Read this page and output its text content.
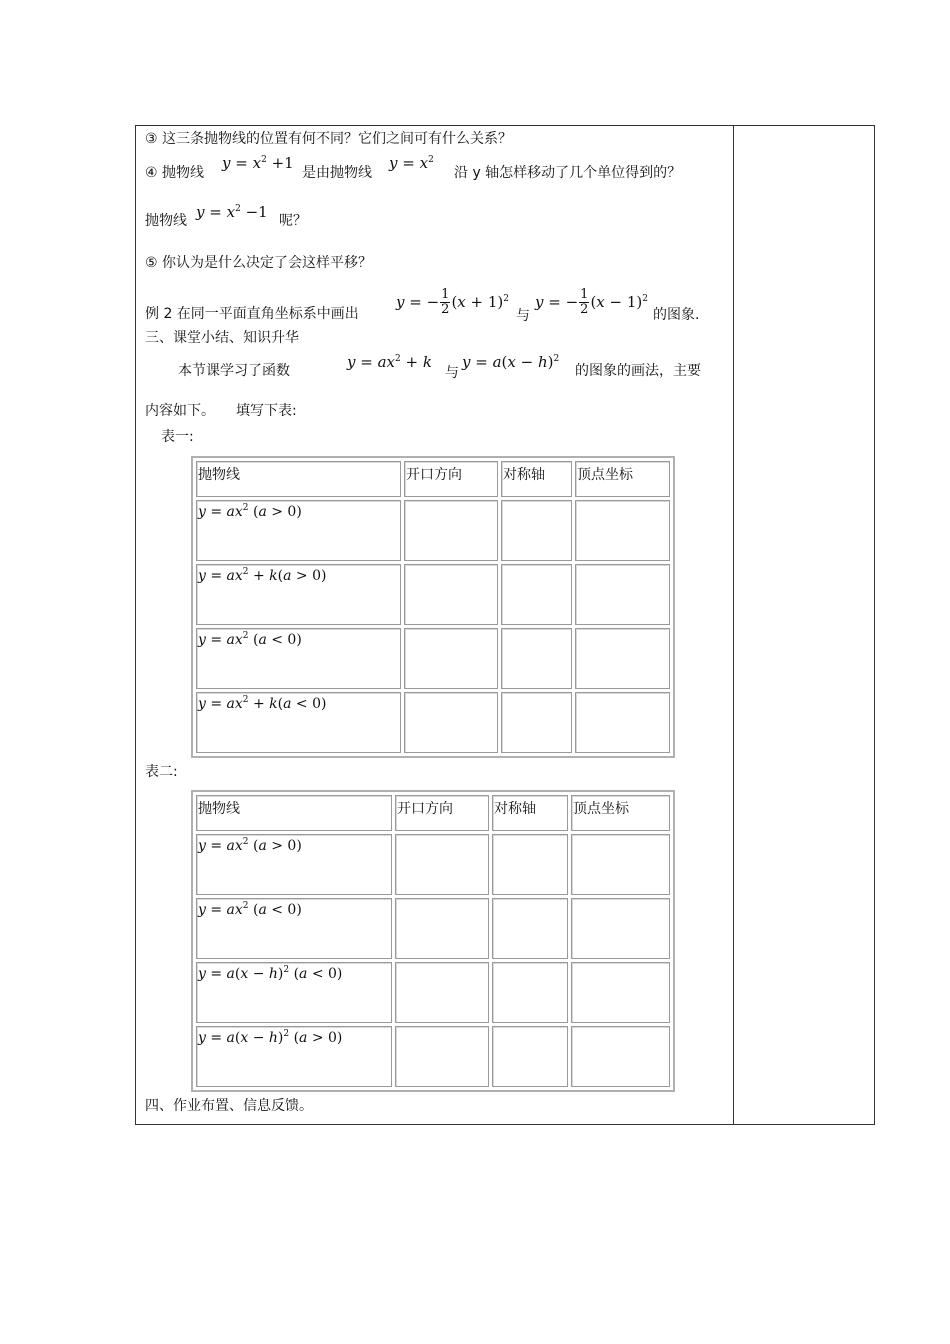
③ 这三条抛物线的位置有何不同？它们之间可有什么关系？
④ 抛物线
$y = x^2 +1$
是由抛物线
$y = x^2$
沿 y 轴怎样移动了几个单位得到的？
抛物线 $y = x^2 -1$ 呢？
⑤ 你认为是什么决定了会这样平移？
例 2 在同一平面直角坐标系中画出
y = − $\frac{1}{2} (x + 1)^2$
与
y = − $\frac{1}{2} (x - 1)^2$
的图象.
三、课堂小结、知识升华
本节课学习了函数	$y = ax^2 + k$
与
$y = a(x - h)^2$
的图象的画法，主要
内容如下。　　填写下表:
表一:
抛物线	开口方向	对称轴	顶点坐标
$y = ax^2$ (a > 0)			
$y = ax^2 + k(a > 0)$			
$y = ax^2$ (a < 0)			
$y = ax^2 + k(a < 0)$			
表二:
抛物线	开口方向	对称轴	顶点坐标
$y = ax^2$ (a > 0)			
$y = ax^2$ (a < 0)			
$y = a(x - h)^2$ (a < 0)			
$y = a(x - h)^2$ (a > 0)			
四、作业布置、信息反馈。
